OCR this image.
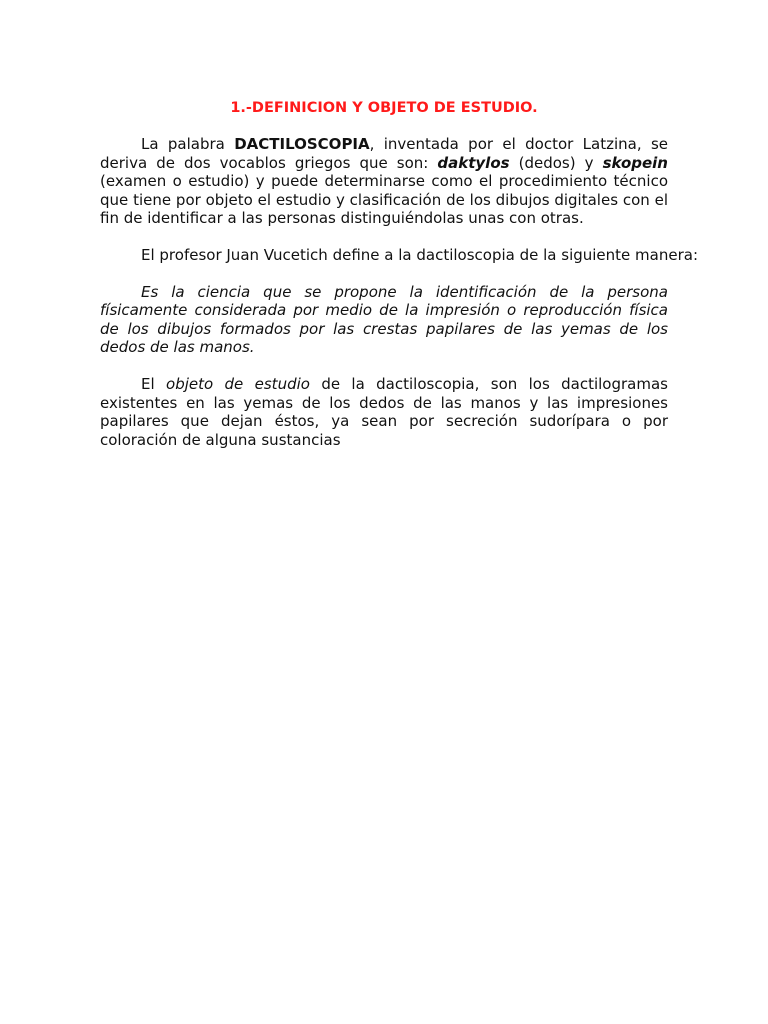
1.-DEFINICION Y OBJETO DE ESTUDIO.

La palabra DACTILOSCOPIA, inventada por el doctor Latzina, se deriva de dos vocablos griegos que son: daktylos (dedos) y skopein (examen o estudio) y puede determinarse como el procedimiento técnico que tiene por objeto el estudio y clasificación de los dibujos digitales con el fin de identificar a las personas distinguiéndolas unas con otras.

El profesor Juan Vucetich define a la dactiloscopia de la siguiente manera:

Es la ciencia que se propone la identificación de la persona físicamente considerada por medio de la impresión o reproducción física de los dibujos formados por las crestas papilares de las yemas de los dedos de las manos.

El objeto de estudio de la dactiloscopia, son los dactilogramas existentes en las yemas de los dedos de las manos y las impresiones papilares que dejan éstos, ya sean por secreción sudorípara o por coloración de alguna sustancias
